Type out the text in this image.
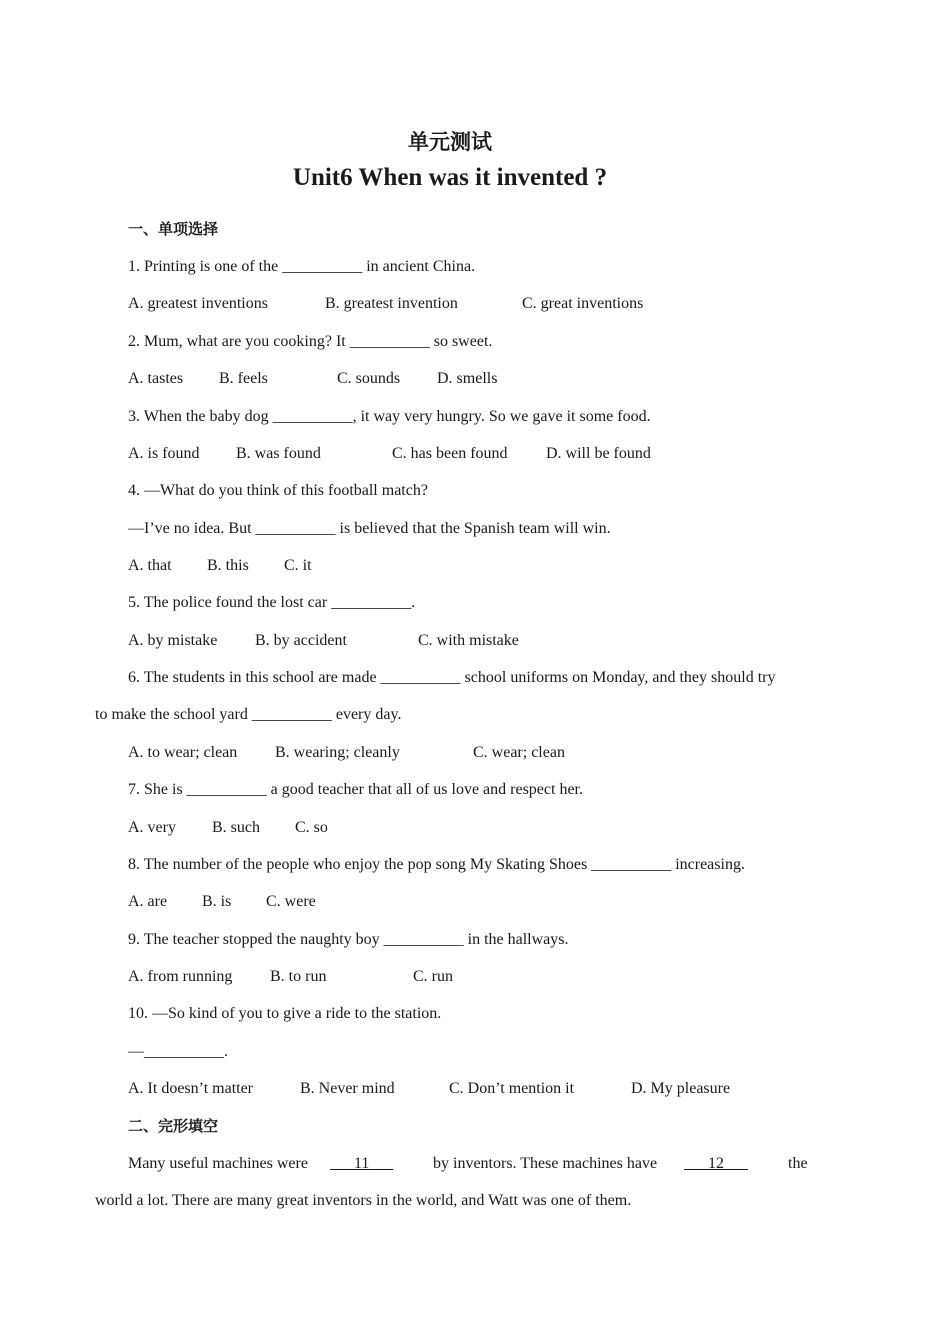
单元测试
Unit6 When was it invented ?
一、单项选择
1. Printing is one of the __________ in ancient China.
A. greatest inventions	B. greatest invention	C. great inventions
2. Mum, what are you cooking? It __________ so sweet.
A. tastes B. feels	C. sounds D. smells
3. When the baby dog __________, it way very hungry. So we gave it some food.
A. is found B. was found	C. has been found D. will be found
4. —What do you think of this football match?
—I’ve no idea. But __________ is believed that the Spanish team will win.
A. that B. this C. it
5. The police found the lost car __________.
A. by mistake B. by accident	C. with mistake
6. The students in this school are made __________ school uniforms on Monday, and they should try
to make the school yard __________ every day.
A. to wear; clean B. wearing; cleanly	C. wear; clean
7. She is __________ a good teacher that all of us love and respect her.
A. very B. such C. so
8. The number of the people who enjoy the pop song My Skating Shoes __________ increasing.
A. are B. is C. were
9. The teacher stopped the naughty boy __________ in the hallways.
A. from running B. to run	C. run
10. —So kind of you to give a ride to the station.
—__________.
A. It doesn’t matter	B. Never mind	C. Don’t mention it	D. My pleasure
二、完形填空
Many useful machines were	11	by inventors. These machines have	12	the
world a lot. There are many great inventors in the world, and Watt was one of them.
